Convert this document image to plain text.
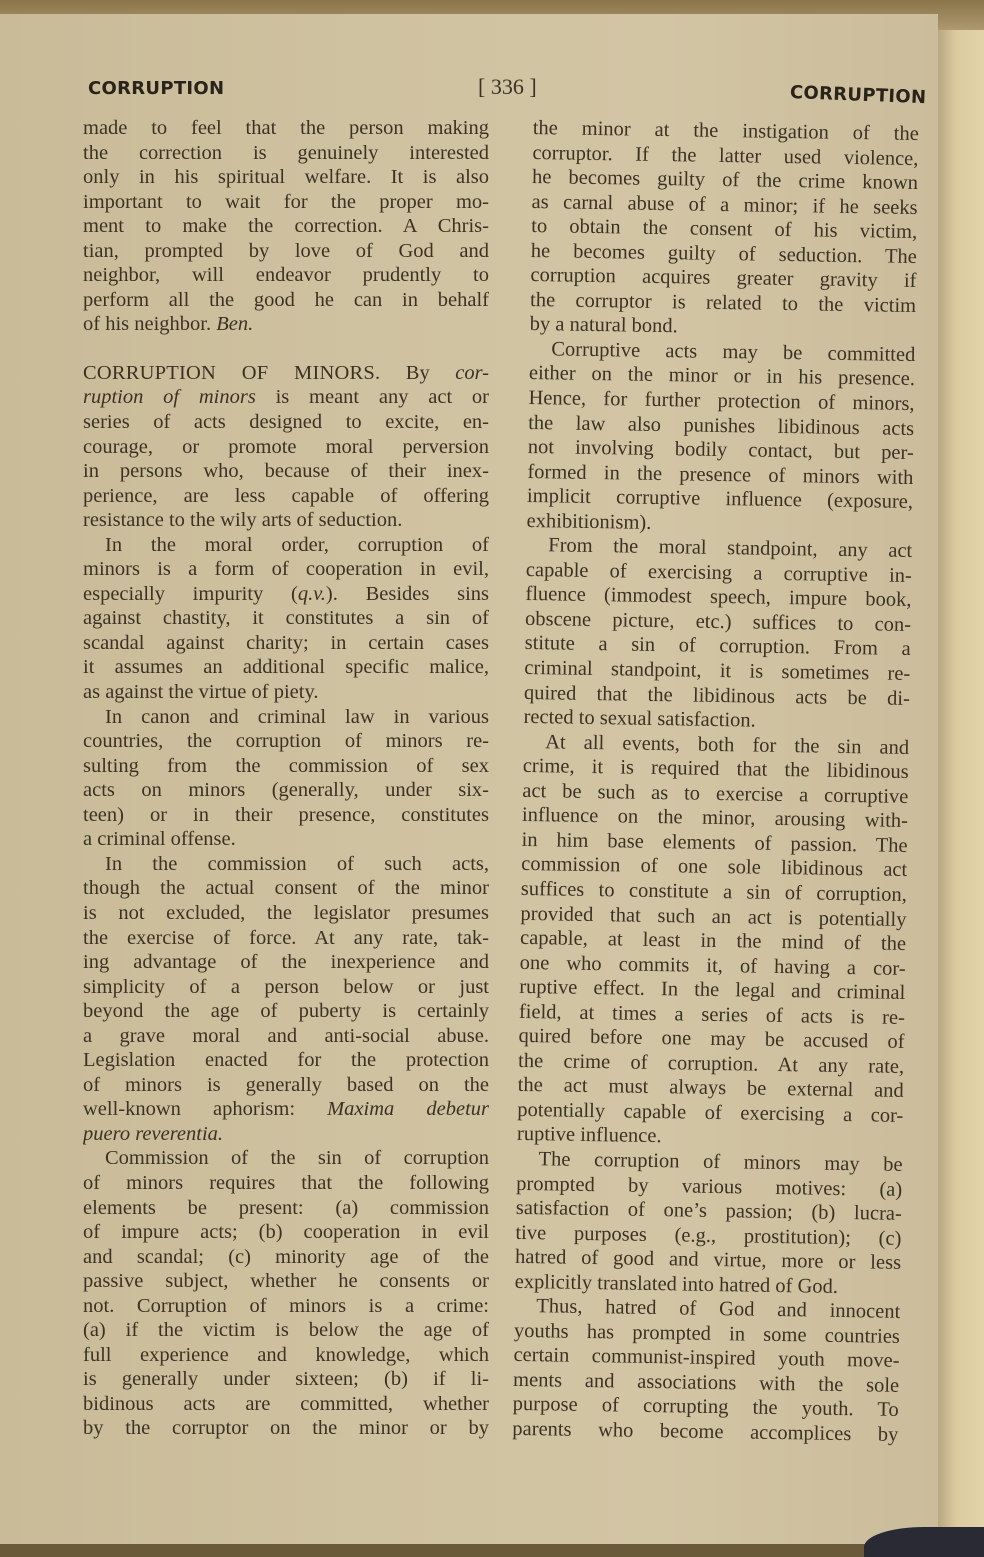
CORRUPTION	[ 336 ]	CORRUPTION
made to feel that the person making
the correction is genuinely interested
only in his spiritual welfare. It is also
important to wait for the proper mo-
ment to make the correction. A Chris-
tian, prompted by love of God and
neighbor, will endeavor prudently to
perform all the good he can in behalf
of his neighbor. Ben.
CORRUPTION OF MINORS. By cor-
ruption of minors is meant any act or
series of acts designed to excite, en-
courage, or promote moral perversion
in persons who, because of their inex-
perience, are less capable of offering
resistance to the wily arts of seduction.
In the moral order, corruption of
minors is a form of cooperation in evil,
especially impurity (q.v.). Besides sins
against chastity, it constitutes a sin of
scandal against charity; in certain cases
it assumes an additional specific malice,
as against the virtue of piety.
In canon and criminal law in various
countries, the corruption of minors re-
sulting from the commission of sex
acts on minors (generally, under six-
teen) or in their presence, constitutes
a criminal offense.
In the commission of such acts,
though the actual consent of the minor
is not excluded, the legislator presumes
the exercise of force. At any rate, tak-
ing advantage of the inexperience and
simplicity of a person below or just
beyond the age of puberty is certainly
a grave moral and anti-social abuse.
Legislation enacted for the protection
of minors is generally based on the
well-known aphorism: Maxima debetur
puero reverentia.
Commission of the sin of corruption
of minors requires that the following
elements be present: (a) commission
of impure acts; (b) cooperation in evil
and scandal; (c) minority age of the
passive subject, whether he consents or
not. Corruption of minors is a crime:
(a) if the victim is below the age of
full experience and knowledge, which
is generally under sixteen; (b) if li-
bidinous acts are committed, whether
by the corruptor on the minor or by
the minor at the instigation of the
corruptor. If the latter used violence,
he becomes guilty of the crime known
as carnal abuse of a minor; if he seeks
to obtain the consent of his victim,
he becomes guilty of seduction. The
corruption acquires greater gravity if
the corruptor is related to the victim
by a natural bond.
Corruptive acts may be committed
either on the minor or in his presence.
Hence, for further protection of minors,
the law also punishes libidinous acts
not involving bodily contact, but per-
formed in the presence of minors with
implicit corruptive influence (exposure,
exhibitionism).
From the moral standpoint, any act
capable of exercising a corruptive in-
fluence (immodest speech, impure book,
obscene picture, etc.) suffices to con-
stitute a sin of corruption. From a
criminal standpoint, it is sometimes re-
quired that the libidinous acts be di-
rected to sexual satisfaction.
At all events, both for the sin and
crime, it is required that the libidinous
act be such as to exercise a corruptive
influence on the minor, arousing with-
in him base elements of passion. The
commission of one sole libidinous act
suffices to constitute a sin of corruption,
provided that such an act is potentially
capable, at least in the mind of the
one who commits it, of having a cor-
ruptive effect. In the legal and criminal
field, at times a series of acts is re-
quired before one may be accused of
the crime of corruption. At any rate,
the act must always be external and
potentially capable of exercising a cor-
ruptive influence.
The corruption of minors may be
prompted by various motives: (a)
satisfaction of one’s passion; (b) lucra-
tive purposes (e.g., prostitution); (c)
hatred of good and virtue, more or less
explicitly translated into hatred of God.
Thus, hatred of God and innocent
youths has prompted in some countries
certain communist-inspired youth move-
ments and associations with the sole
purpose of corrupting the youth. To
parents who become accomplices by
